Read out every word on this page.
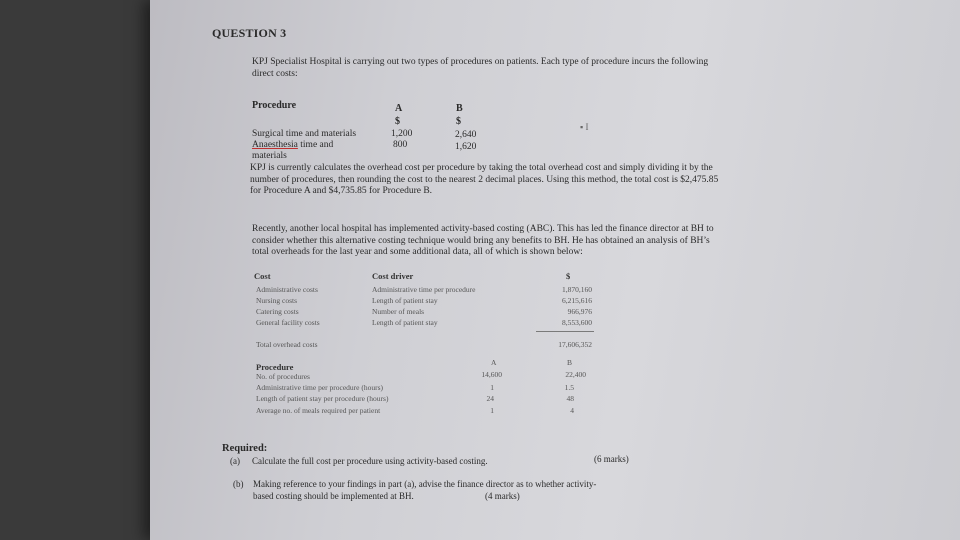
QUESTION 3
KPJ Specialist Hospital is carrying out two types of procedures on patients. Each type of procedure incurs the following direct costs:
Procedure	A	B
$	$
Surgical time and materials	1,200	2,640
Anaesthesia time and	800	1,620
materials
▪ I
KPJ is currently calculates the overhead cost per procedure by taking the total overhead cost and simply dividing it by the number of procedures, then rounding the cost to the nearest 2 decimal places. Using this method, the total cost is $2,475.85 for Procedure A and $4,735.85 for Procedure B.
Recently, another local hospital has implemented activity-based costing (ABC). This has led the finance director at BH to consider whether this alternative costing technique would bring any benefits to BH. He has obtained an analysis of BH’s total overheads for the last year and some additional data, all of which is shown below:
Cost	Cost driver	$
Administrative costs	Administrative time per procedure	1,870,160
Nursing costs	Length of patient stay	6,215,616
Catering costs	Number of meals	966,976
General facility costs	Length of patient stay	8,553,600
Total overhead costs	17,606,352
A	B
Procedure
No. of procedures	14,600	22,400
Administrative time per procedure (hours)	1	1.5
Length of patient stay per procedure (hours)	24	48
Average no. of meals required per patient	1	4
Required:
(a) Calculate the full cost per procedure using activity-based costing.	(6 marks)
(b) Making reference to your findings in part (a), advise the finance director as to whether activity-
based costing should be implemented at BH.	(4 marks)
